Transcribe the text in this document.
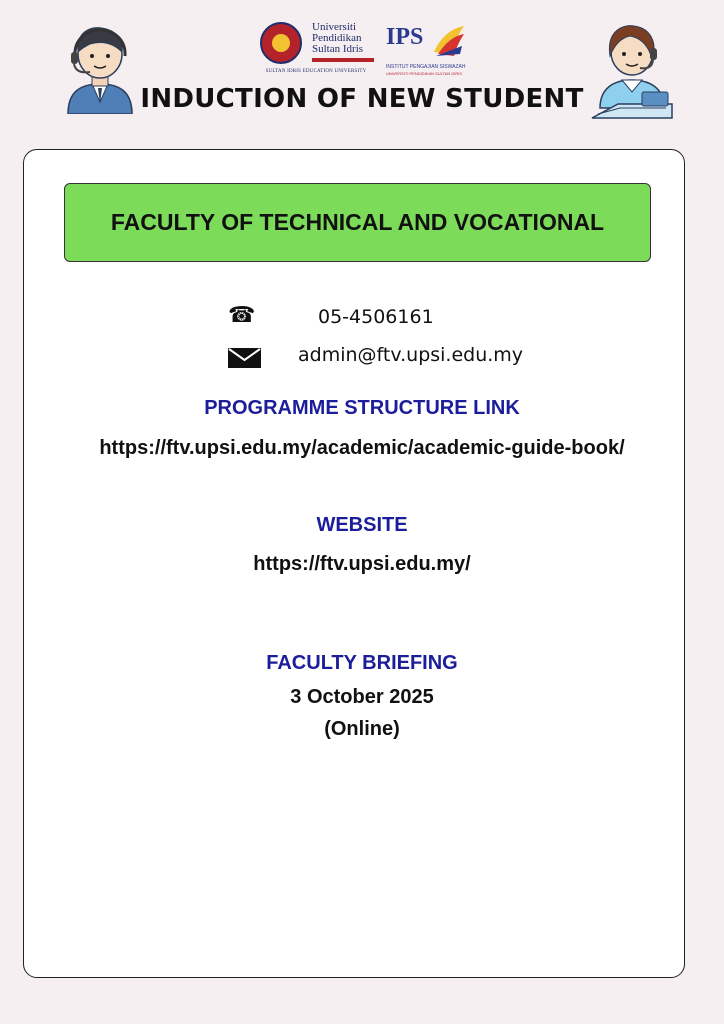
Universiti
Pendidikan
Sultan Idris
SULTAN IDRIS EDUCATION UNIVERSITY
IPS
INSTITUT PENGAJIAN SISWAZAH
UNIVERSITI PENDIDIKAN SULTAN IDRIS
INDUCTION OF NEW STUDENT
FACULTY OF TECHNICAL AND VOCATIONAL
☎	05-4506161
admin@ftv.upsi.edu.my
PROGRAMME STRUCTURE LINK
https://ftv.upsi.edu.my/academic/academic-guide-book/
WEBSITE
https://ftv.upsi.edu.my/
FACULTY BRIEFING
3 October 2025
(Online)
